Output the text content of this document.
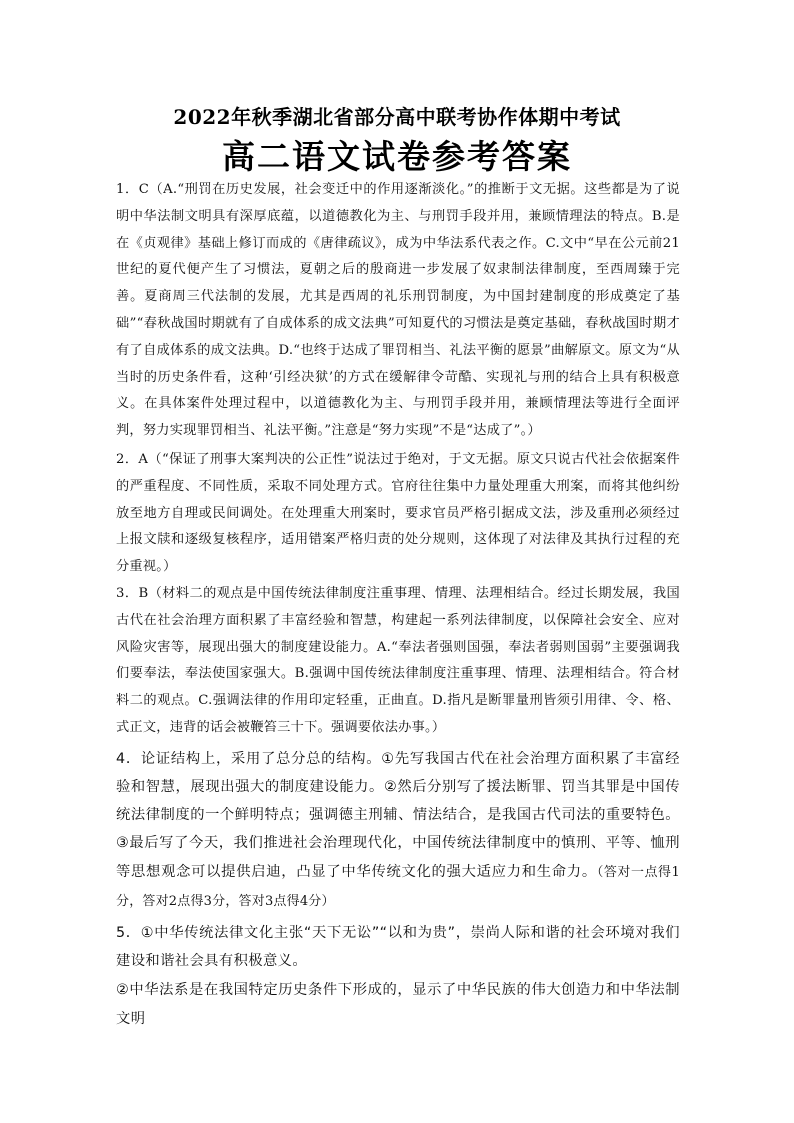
2022年秋季湖北省部分高中联考协作体期中考试
高二语文试卷参考答案

1．C（A.“刑罚在历史发展，社会变迁中的作用逐渐淡化。”的推断于文无据。这些都是为了说明中华法制文明具有深厚底蕴，以道德教化为主、与刑罚手段并用，兼顾情理法的特点。B.是在《贞观律》基础上修订而成的《唐律疏议》，成为中华法系代表之作。C.文中“早在公元前21世纪的夏代便产生了习惯法，夏朝之后的殷商进一步发展了奴隶制法律制度，至西周臻于完善。夏商周三代法制的发展，尤其是西周的礼乐刑罚制度，为中国封建制度的形成奠定了基础”“春秋战国时期就有了自成体系的成文法典”可知夏代的习惯法是奠定基础，春秋战国时期才有了自成体系的成文法典。D.“也终于达成了罪罚相当、礼法平衡的愿景”曲解原文。原文为“从当时的历史条件看，这种‘引经决狱’的方式在缓解律令苛酷、实现礼与刑的结合上具有积极意义。在具体案件处理过程中，以道德教化为主、与刑罚手段并用，兼顾情理法等进行全面评判，努力实现罪罚相当、礼法平衡。”注意是“努力实现”不是“达成了”。）

2．A（“保证了刑事大案判决的公正性”说法过于绝对，于文无据。原文只说古代社会依据案件的严重程度、不同性质，采取不同处理方式。官府往往集中力量处理重大刑案，而将其他纠纷放至地方自理或民间调处。在处理重大刑案时，要求官员严格引据成文法，涉及重刑必须经过上报文牍和逐级复核程序，适用错案严格归责的处分规则，这体现了对法律及其执行过程的充分重视。）

3．B（材料二的观点是中国传统法律制度注重事理、情理、法理相结合。经过长期发展，我国古代在社会治理方面积累了丰富经验和智慧，构建起一系列法律制度，以保障社会安全、应对风险灾害等，展现出强大的制度建设能力。A.“奉法者强则国强，奉法者弱则国弱”主要强调我们要奉法，奉法使国家强大。B.强调中国传统法律制度注重事理、情理、法理相结合。符合材料二的观点。C.强调法律的作用印定轻重，正曲直。D.指凡是断罪量刑皆须引用律、令、格、式正文，违背的话会被鞭笞三十下。强调要依法办事。）

4．论证结构上，采用了总分总的结构。①先写我国古代在社会治理方面积累了丰富经验和智慧，展现出强大的制度建设能力。②然后分别写了援法断罪、罚当其罪是中国传统法律制度的一个鲜明特点；强调德主刑辅、情法结合，是我国古代司法的重要特色。③最后写了今天，我们推进社会治理现代化，中国传统法律制度中的慎刑、平等、恤刑等思想观念可以提供启迪，凸显了中华传统文化的强大适应力和生命力。（答对一点得1分，答对2点得3分，答对3点得4分）

5．①中华传统法律文化主张“天下无讼”“以和为贵”，崇尚人际和谐的社会环境对我们建设和谐社会具有积极意义。

②中华法系是在我国特定历史条件下形成的，显示了中华民族的伟大创造力和中华法制文明
